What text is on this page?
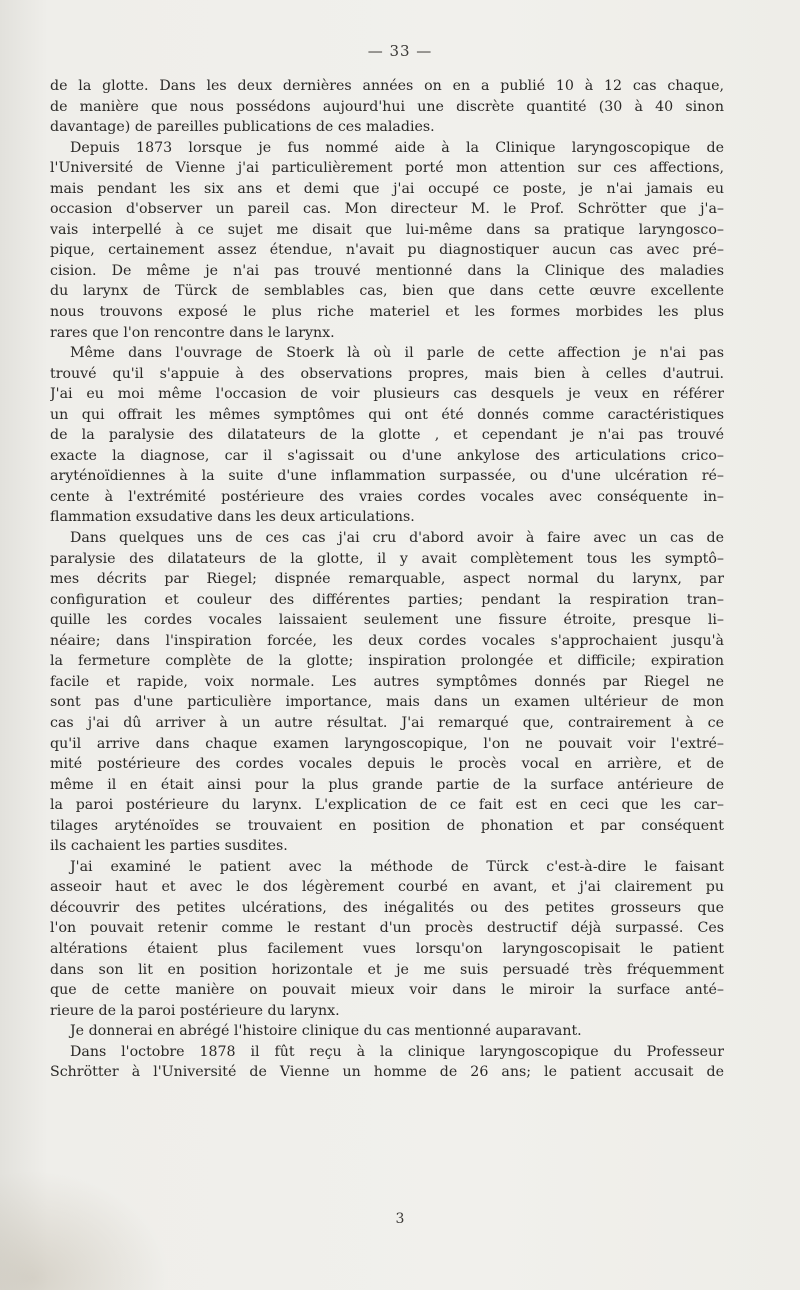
— 33 —
de la glotte. Dans les deux dernières années on en a publié 10 à 12 cas chaque,
de manière que nous possédons aujourd'hui une discrète quantité (30 à 40 sinon
davantage) de pareilles publications de ces maladies.
Depuis 1873 lorsque je fus nommé aide à la Clinique laryngoscopique de
l'Université de Vienne j'ai particulièrement porté mon attention sur ces affections,
mais pendant les six ans et demi que j'ai occupé ce poste, je n'ai jamais eu
occasion d'observer un pareil cas. Mon directeur M. le Prof. Schrötter que j'a–
vais interpellé à ce sujet me disait que lui-même dans sa pratique laryngosco–
pique, certainement assez étendue, n'avait pu diagnostiquer aucun cas avec pré–
cision. De même je n'ai pas trouvé mentionné dans la Clinique des maladies
du larynx de Türck de semblables cas, bien que dans cette œuvre excellente
nous trouvons exposé le plus riche materiel et les formes morbides les plus
rares que l'on rencontre dans le larynx.
Même dans l'ouvrage de Stoerk là où il parle de cette affection je n'ai pas
trouvé qu'il s'appuie à des observations propres, mais bien à celles d'autrui.
J'ai eu moi même l'occasion de voir plusieurs cas desquels je veux en référer
un qui offrait les mêmes symptômes qui ont été donnés comme caractéristiques
de la paralysie des dilatateurs de la glotte , et cependant je n'ai pas trouvé
exacte la diagnose, car il s'agissait ou d'une ankylose des articulations crico–
aryténoïdiennes à la suite d'une inflammation surpassée, ou d'une ulcération ré–
cente à l'extrémité postérieure des vraies cordes vocales avec conséquente in–
flammation exsudative dans les deux articulations.
Dans quelques uns de ces cas j'ai cru d'abord avoir à faire avec un cas de
paralysie des dilatateurs de la glotte, il y avait complètement tous les symptô–
mes décrits par Riegel; dispnée remarquable, aspect normal du larynx, par
configuration et couleur des différentes parties; pendant la respiration tran–
quille les cordes vocales laissaient seulement une fissure étroite, presque li–
néaire; dans l'inspiration forcée, les deux cordes vocales s'approchaient jusqu'à
la fermeture complète de la glotte; inspiration prolongée et difficile; expiration
facile et rapide, voix normale. Les autres symptômes donnés par Riegel ne
sont pas d'une particulière importance, mais dans un examen ultérieur de mon
cas j'ai dû arriver à un autre résultat. J'ai remarqué que, contrairement à ce
qu'il arrive dans chaque examen laryngoscopique, l'on ne pouvait voir l'extré–
mité postérieure des cordes vocales depuis le procès vocal en arrière, et de
même il en était ainsi pour la plus grande partie de la surface antérieure de
la paroi postérieure du larynx. L'explication de ce fait est en ceci que les car–
tilages aryténoïdes se trouvaient en position de phonation et par conséquent
ils cachaient les parties susdites.
J'ai examiné le patient avec la méthode de Türck c'est-à-dire le faisant
asseoir haut et avec le dos légèrement courbé en avant, et j'ai clairement pu
découvrir des petites ulcérations, des inégalités ou des petites grosseurs que
l'on pouvait retenir comme le restant d'un procès destructif déjà surpassé. Ces
altérations étaient plus facilement vues lorsqu'on laryngoscopisait le patient
dans son lit en position horizontale et je me suis persuadé très fréquemment
que de cette manière on pouvait mieux voir dans le miroir la surface anté–
rieure de la paroi postérieure du larynx.
Je donnerai en abrégé l'histoire clinique du cas mentionné auparavant.
Dans l'octobre 1878 il fût reçu à la clinique laryngoscopique du Professeur
Schrötter à l'Université de Vienne un homme de 26 ans; le patient accusait de
3
